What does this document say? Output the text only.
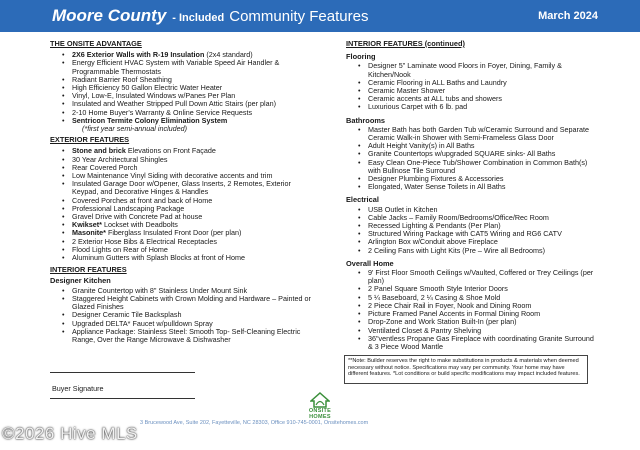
Moore County - Included Community Features	March 2024
THE ONSITE ADVANTAGE
• 2X6 Exterior Walls with R-19 Insulation (2x4 standard)
• Energy Efficient HVAC System with Variable Speed Air Handler & Programmable Thermostats
• Radiant Barrier Roof Sheathing
• High Efficiency 50 Gallon Electric Water Heater
• Vinyl, Low-E, Insulated Windows w/Panes Per Plan
• Insulated and Weather Stripped Pull Down Attic Stairs (per plan)
• 2-10 Home Buyer's Warranty & Online Service Requests
• Sentricon Termite Colony Elimination System
(*first year semi-annual included)
EXTERIOR FEATURES
• Stone and brick Elevations on Front Façade
• 30 Year Architectural Shingles
• Rear Covered Porch
• Low Maintenance Vinyl Siding with decorative accents and trim
• Insulated Garage Door w/Opener, Glass Inserts, 2 Remotes, Exterior Keypad, and Decorative Hinges & Handles
• Covered Porches at front and back of Home
• Professional Landscaping Package
• Gravel Drive with Concrete Pad at house
• Kwikset* Lockset with Deadbolts
• Masonite* Fiberglass Insulated Front Door (per plan)
• 2 Exterior Hose Bibs & Electrical Receptacles
• Flood Lights on Rear of Home
• Aluminum Gutters with Splash Blocks at front of Home
INTERIOR FEATURES
Designer Kitchen
• Granite Countertop with 8" Stainless Under Mount Sink
• Staggered Height Cabinets with Crown Molding and Hardware – Painted or Glazed Finishes
• Designer Ceramic Tile Backsplash
• Upgraded DELTA* Faucet w/pulldown Spray
• Appliance Package: Stainless Steel: Smooth Top- Self-Cleaning Electric Range, Over the Range Microwave & Dishwasher
Buyer Signature
INTERIOR FEATURES (continued)
Flooring
• Designer 5" Laminate wood Floors in Foyer, Dining, Family & Kitchen/Nook
• Ceramic Flooring in ALL Baths and Laundry
• Ceramic Master Shower
• Ceramic accents at ALL tubs and showers
• Luxurious Carpet with 6 lb. pad
Bathrooms
• Master Bath has both Garden Tub w/Ceramic Surround and Separate Ceramic Walk-in Shower with Semi-Frameless Glass Door
• Adult Height Vanity(s) in All Baths
• Granite Countertops w/upgraded SQUARE sinks- All Baths
• Easy Clean One-Piece Tub/Shower Combination in Common Bath(s) with Bullnose Tile Surround
• Designer Plumbing Fixtures & Accessories
• Elongated, Water Sense Toilets in All Baths
Electrical
• USB Outlet in Kitchen
• Cable Jacks – Family Room/Bedrooms/Office/Rec Room
• Recessed Lighting & Pendants (Per Plan)
• Structured Wiring Package with CAT5 Wiring and RG6 CATV
• Arlington Box w/Conduit above Fireplace
• 2 Ceiling Fans with Light Kits (Pre – Wire all Bedrooms)
Overall Home
• 9' First Floor Smooth Ceilings w/Vaulted, Coffered or Trey Ceilings (per plan)
• 2 Panel Square Smooth Style Interior Doors
• 5 ¼ Baseboard, 2 ¼ Casing & Shoe Mold
• 2 Piece Chair Rail in Foyer, Nook and Dining Room
• Picture Framed Panel Accents in Formal Dining Room
• Drop-Zone and Work Station Built-In (per plan)
• Ventilated Closet & Pantry Shelving
• 36"ventless Propane Gas Fireplace with coordinating Granite Surround & 3 Piece Wood Mantle
**Note: Builder reserves the right to make substitutions in products & materials when deemed necessary without notice. Specifications may vary per community. Your home may have different features. *Lot conditions or build specific modifications may impact included features.
ONSITE HOMES
3 Brucewood Ave, Suite 202, Fayetteville, NC 28303, Office 910-745-0001, Onsitehomes.com
©2026 Hive MLS
